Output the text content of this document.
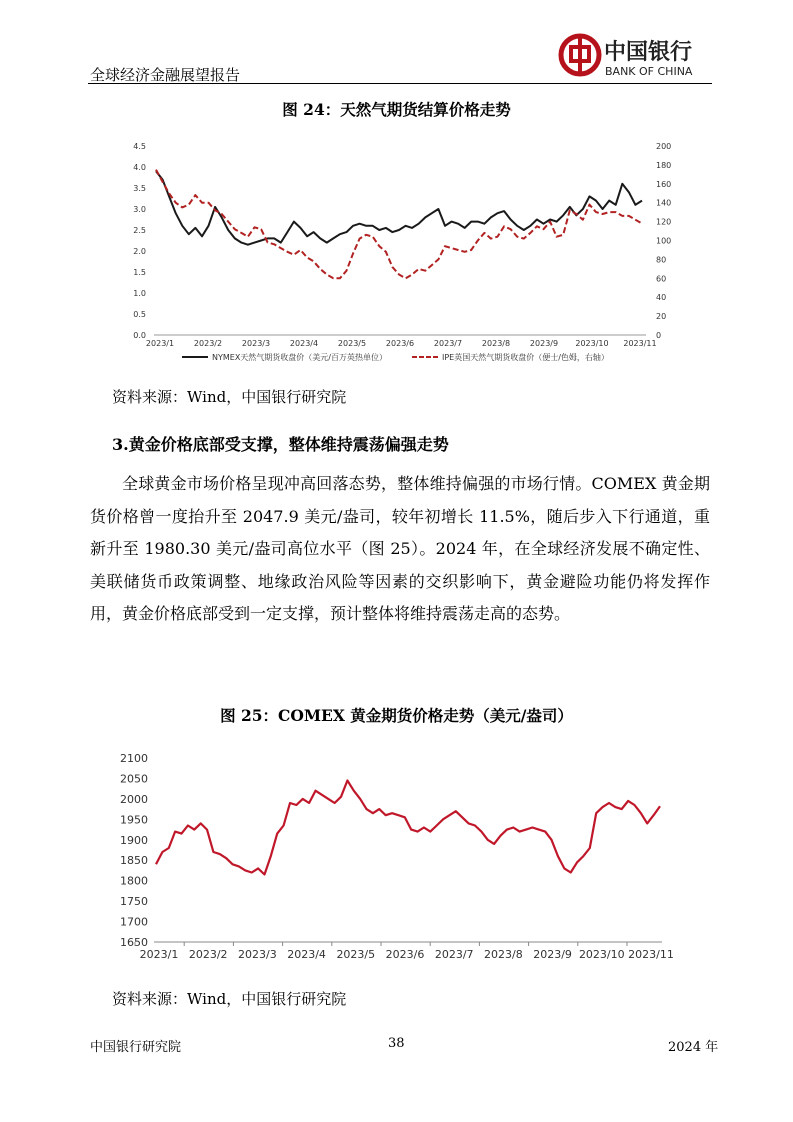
全球经济金融展望报告
中国银行
BANK OF CHINA
图 24：天然气期货结算价格走势
4.5
4.0
3.5
3.0
2.5
2.0
1.5
1.0
0.5
0.0
200
180
160
140
120
100
80
60
40
20
0
2023/1 2023/2 2023/3 2023/4 2023/5 2023/6 2023/7 2023/8 2023/9 2023/10 2023/11
NYMEX天然气期货收盘价（美元/百万英热单位）	IPE英国天然气期货收盘价（便士/色姆，右轴）
资料来源：Wind，中国银行研究院
3.黄金价格底部受支撑，整体维持震荡偏强走势
全球黄金市场价格呈现冲高回落态势，整体维持偏强的市场行情。COMEX 黄金期货价格曾一度抬升至 2047.9 美元/盎司，较年初增长 11.5%，随后步入下行通道，重新升至 1980.30 美元/盎司高位水平（图 25）。2024 年，在全球经济发展不确定性、美联储货币政策调整、地缘政治风险等因素的交织影响下，黄金避险功能仍将发挥作用，黄金价格底部受到一定支撑，预计整体将维持震荡走高的态势。
图 25：COMEX 黄金期货价格走势（美元/盎司）
2100
2050
2000
1950
1900
1850
1800
1750
1700
1650
2023/1 2023/2 2023/3 2023/4 2023/5 2023/6 2023/7 2023/8 2023/9 2023/10 2023/11
资料来源：Wind，中国银行研究院
中国银行研究院	38	2024 年
